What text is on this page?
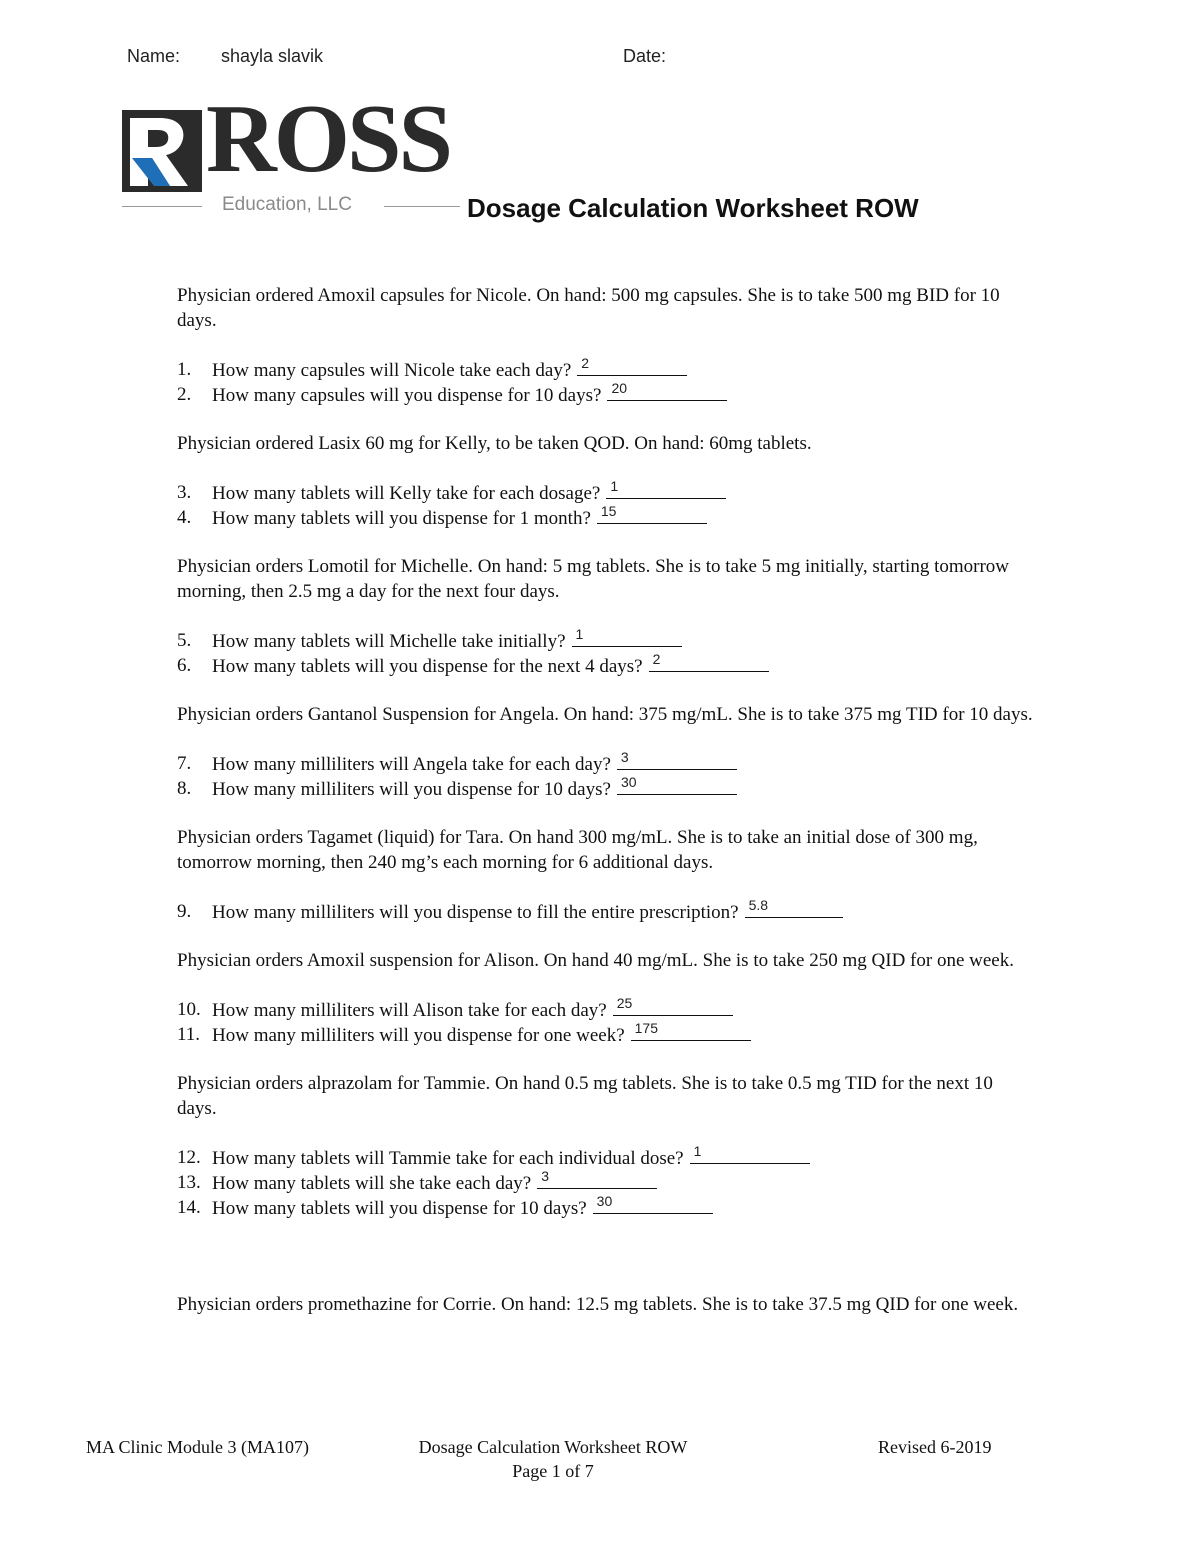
Name: shayla slavik	Date:
ROSS
Education, LLC	Dosage Calculation Worksheet ROW

Physician ordered Amoxil capsules for Nicole. On hand: 500 mg capsules. She is to take 500 mg BID for 10 days.

1. How many capsules will Nicole take each day? 2
2. How many capsules will you dispense for 10 days? 20

Physician ordered Lasix 60 mg for Kelly, to be taken QOD. On hand: 60mg tablets.

3. How many tablets will Kelly take for each dosage? 1
4. How many tablets will you dispense for 1 month? 15

Physician orders Lomotil for Michelle. On hand: 5 mg tablets. She is to take 5 mg initially, starting tomorrow morning, then 2.5 mg a day for the next four days.

5. How many tablets will Michelle take initially? 1
6. How many tablets will you dispense for the next 4 days? 2

Physician orders Gantanol Suspension for Angela. On hand: 375 mg/mL. She is to take 375 mg TID for 10 days.

7. How many milliliters will Angela take for each day? 3
8. How many milliliters will you dispense for 10 days? 30

Physician orders Tagamet (liquid) for Tara. On hand 300 mg/mL. She is to take an initial dose of 300 mg, tomorrow morning, then 240 mg’s each morning for 6 additional days.

9. How many milliliters will you dispense to fill the entire prescription? 5.8

Physician orders Amoxil suspension for Alison. On hand 40 mg/mL. She is to take 250 mg QID for one week.

10. How many milliliters will Alison take for each day? 25
11. How many milliliters will you dispense for one week? 175

Physician orders alprazolam for Tammie. On hand 0.5 mg tablets. She is to take 0.5 mg TID for the next 10 days.

12. How many tablets will Tammie take for each individual dose? 1
13. How many tablets will she take each day? 3
14. How many tablets will you dispense for 10 days? 30

Physician orders promethazine for Corrie. On hand: 12.5 mg tablets. She is to take 37.5 mg QID for one week.

MA Clinic Module 3 (MA107)	Dosage Calculation Worksheet ROW	Revised 6-2019
Page 1 of 7
